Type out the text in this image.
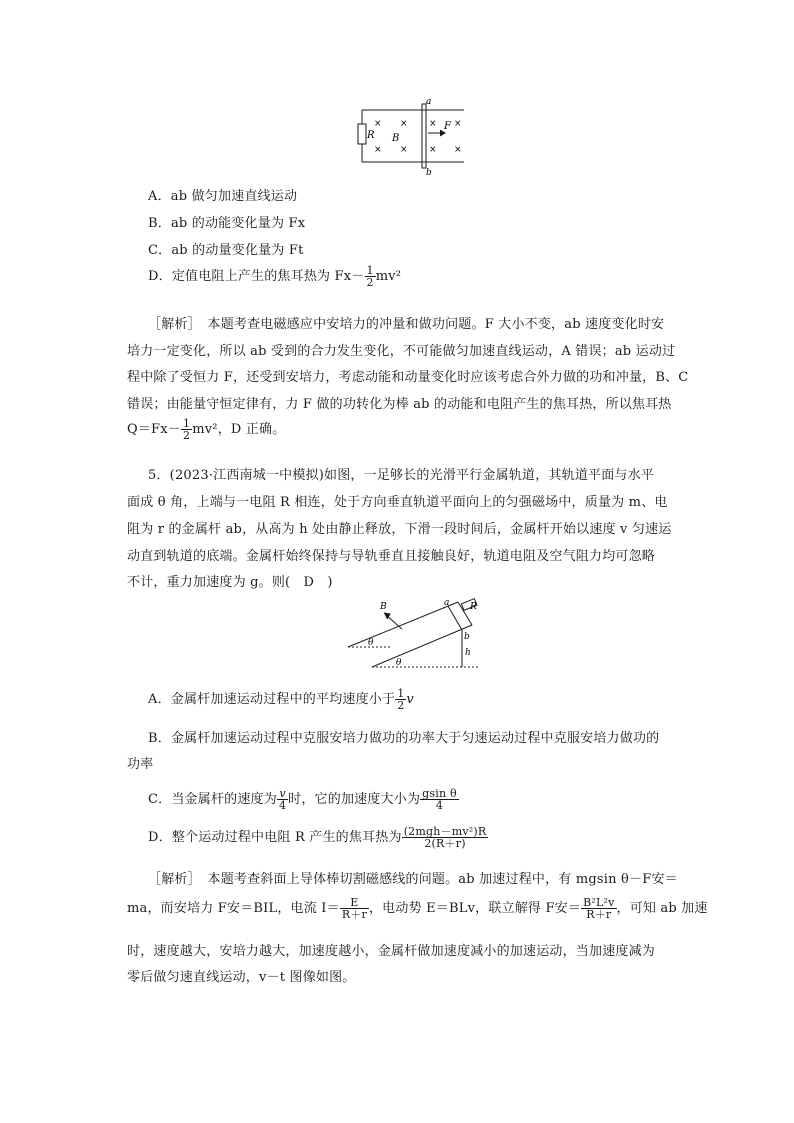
R B
a
b
F
× ×
× ×
× ×
× ×
A．ab 做匀加速直线运动
B．ab 的动能变化量为 Fx
C．ab 的动量变化量为 Ft
D．定值电阻上产生的焦耳热为 $Fx- \frac{1}{2} mv^2$
［解析］　本题考查电磁感应中安培力的冲量和做功问题。F 大小不变，ab 速度变化时安
培力一定变化，所以 ab 受到的合力发生变化，不可能做匀加速直线运动，A 错误；ab 运动过
程中除了受恒力 F，还受到安培力，考虑动能和动量变化时应该考虑合外力做的功和冲量，B、C
错误；由能量守恒定律有，力 F 做的功转化为棒 ab 的动能和电阻产生的焦耳热，所以焦耳热
$Q=Fx- \frac{1}{2} mv^2$，D 正确。
5．(2023·江西南城一中模拟)如图，一足够长的光滑平行金属轨道，其轨道平面与水平
面成 θ 角，上端与一电阻 R 相连，处于方向垂直轨道平面向上的匀强磁场中，质量为 m、电
阻为 r 的金属杆 ab，从高为 h 处由静止释放，下滑一段时间后，金属杆开始以速度 v 匀速运
动直到轨道的底端。金属杆始终保持与导轨垂直且接触良好，轨道电阻及空气阻力均可忽略
不计，重力加速度为 g。则(　D　)
B	a R
b
h
θ
θ
A．金属杆加速运动过程中的平均速度小于 $\frac{1}{2}$ v
B．金属杆加速运动过程中克服安培力做功的功率大于匀速运动过程中克服安培力做功的
功率
C．当金属杆的速度为 $\frac{v}{4}$ 时，它的加速度大小为 $\frac{\text{gsin θ}}{4}$
D．整个运动过程中电阻 R 产生的焦耳热为 $\frac{\text{(2mgh－mv²)R}}{2(R+r)}$
［解析］　本题考查斜面上导体棒切割磁感线的问题。ab 加速过程中，有 mgsin θ－F安＝
ma，而安培力 F安＝BIL，电流 $I= \frac{E}{R+r}$ ，电动势 E＝BLv，联立解得 F安＝ $\frac{\text{B²L²v}}{R+r}$ ，可知 ab 加速
时，速度越大，安培力越大，加速度越小，金属杆做加速度减小的加速运动，当加速度减为
零后做匀速直线运动，v－t 图像如图。
